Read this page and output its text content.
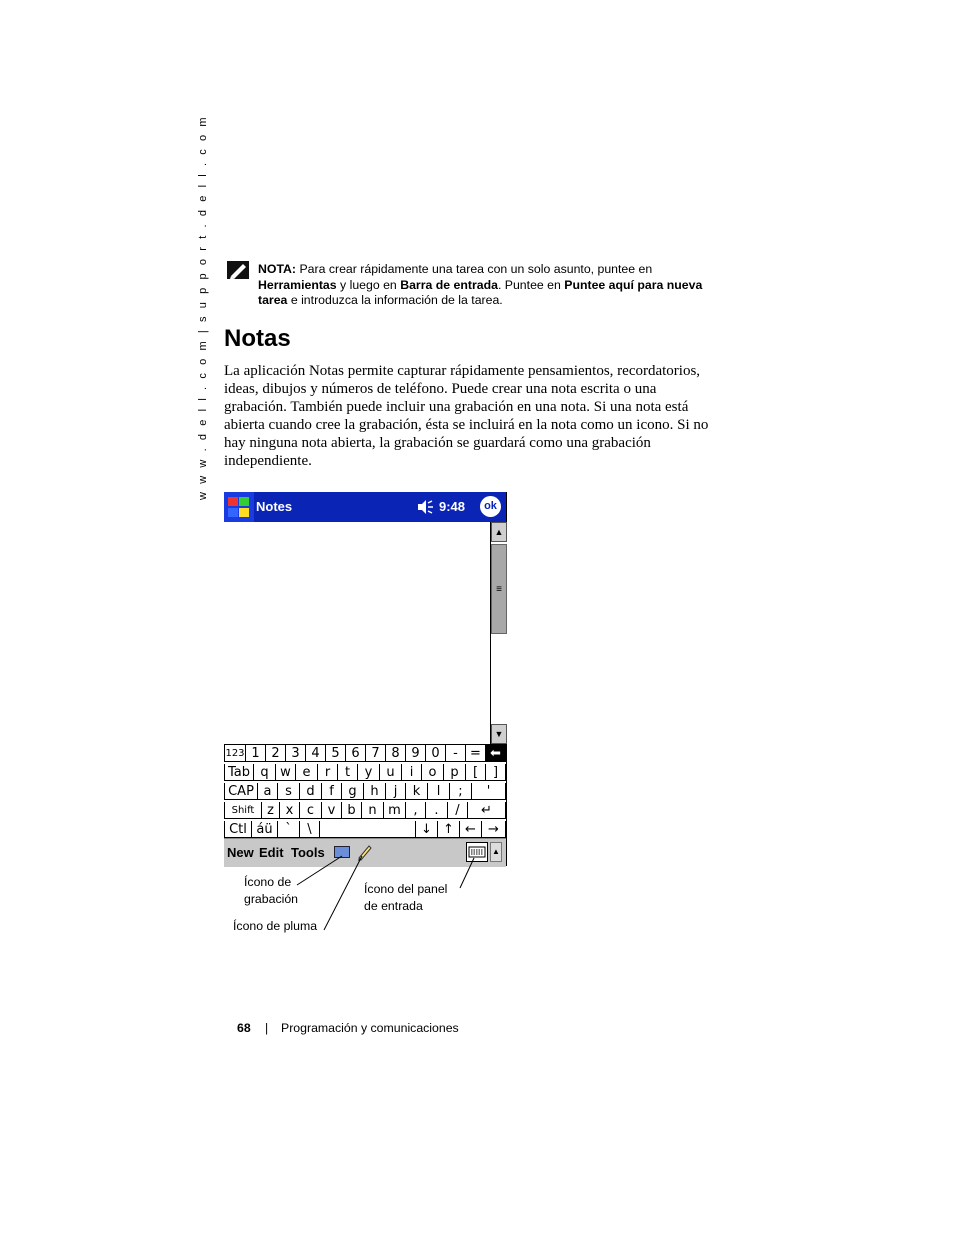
w w w . d e l l . c o m | s u p p o r t . d e l l . c o m	NOTA: Para crear rápidamente una tarea con un solo asunto, puntee en Herramientas y luego en Barra de entrada. Puntee en Puntee aquí para nueva tarea e introduzca la información de la tarea.
Notas
La aplicación Notas permite capturar rápidamente pensamientos, recordatorios, ideas, dibujos y números de teléfono. Puede crear una nota escrita o una grabación. También puede incluir una grabación en una nota. Si una nota está abierta cuando cree la grabación, ésta se incluirá en la nota como un icono. Si no hay ninguna nota abierta, la grabación se guardará como una grabación independiente.
Notes	9:48	ok
▲
≡
▼
123 1 2 3 4 5 6 7 8 9 0	- = ⬅
Tab q w e	r	t	y	u	i	o	p	[	]
CAP a	s	d	f	g	h	j	k	l	;	'
Shift z x	c	v b n m ,	.	/	↵
Ctl áü `	\	↓ ↑ ← →
New Edit Tools	▲
Ícono de
grabación
Ícono de pluma
Ícono del panel
de entrada
68 | Programación y comunicaciones
